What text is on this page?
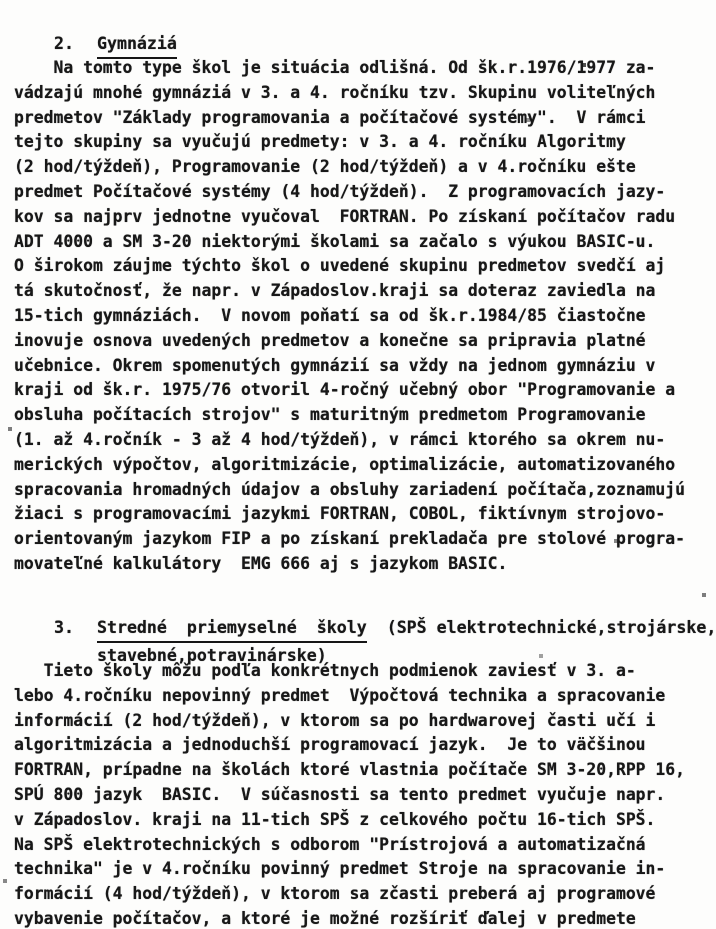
2. Gymnáziá

Na tomto type škol je situácia odlišná. Od šk.r.1976/1977 za-
vádzajú mnohé gymnáziá v 3. a 4. ročníku tzv. Skupinu voliteľných
predmetov "Základy programovania a počítačové systémy".  V rámci
tejto skupiny sa vyučujú predmety: v 3. a 4. ročníku Algoritmy
(2 hod/týždeň), Programovanie (2 hod/týždeň) a v 4.ročníku ešte
predmet Počítačové systémy (4 hod/týždeň).  Z programovacích jazy-
kov sa najprv jednotne vyučoval  FORTRAN. Po získaní počítačov radu
ADT 4000 a SM 3-20 niektorými školami sa začalo s výukou BASIC-u.
O širokom záujme týchto škol o uvedené skupinu predmetov svedčí aj
tá skutočnosť, že napr. v Západoslov.kraji sa doteraz zaviedla na
15-tich gymnáziách.  V novom poňatí sa od šk.r.1984/85 čiastočne
inovuje osnova uvedených predmetov a konečne sa pripravia platné
učebnice. Okrem spomenutých gymnázií sa vždy na jednom gymnáziu v
kraji od šk.r. 1975/76 otvoril 4-ročný učebný obor "Programovanie a
obsluha počítacích strojov" s maturitným predmetom Programovanie
(1. až 4.ročník - 3 až 4 hod/týždeň), v rámci ktorého sa okrem nu-
merických výpočtov, algoritmizácie, optimalizácie, automatizovaného
spracovania hromadných údajov a obsluhy zariadení počítača,zoznamujú
žiaci s programovacími jazykmi FORTRAN, COBOL, fiktívnym strojovo-
orientovaným jazykom FIP a po získaní prekladača pre stolové progra-
movateľné kalkulátory  EMG 666 aj s jazykom BASIC.

3. Stredné  priemyselné  školy  (SPŠ elektrotechnické,strojárske,

stavebné,potravinárske)

Tieto školy môžu podľa konkrétnych podmienok zaviesť v 3. a-
lebo 4.ročníku nepovinný predmet  Výpočtová technika a spracovanie
informácií (2 hod/týždeň), v ktorom sa po hardwarovej časti učí i
algoritmizácia a jednoduchší programovací jazyk.  Je to väčšinou
FORTRAN, prípadne na školách ktoré vlastnia počítače SM 3-20,RPP 16,
SPÚ 800 jazyk  BASIC.  V súčasnosti sa tento predmet vyučuje napr.
v Západoslov. kraji na 11-tich SPŠ z celkového počtu 16-tich SPŠ.
Na SPŠ elektrotechnických s odborom "Prístrojová a automatizačná
technika" je v 4.ročníku povinný predmet Stroje na spracovanie in-
formácií (4 hod/týždeň), v ktorom sa zčasti preberá aj programové
vybavenie počítačov, a ktoré je možné rozšíriť ďalej v predmete
